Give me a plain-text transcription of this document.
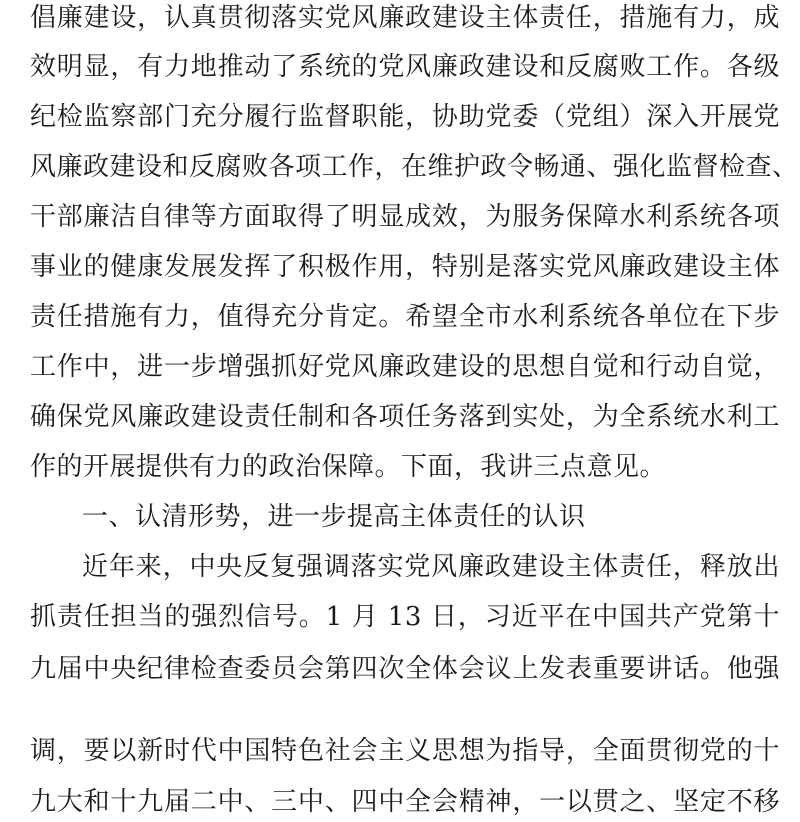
倡廉建设，认真贯彻落实党风廉政建设主体责任，措施有力，成
效明显，有力地推动了系统的党风廉政建设和反腐败工作。各级
纪检监察部门充分履行监督职能，协助党委（党组）深入开展党
风廉政建设和反腐败各项工作，在维护政令畅通、强化监督检查、
干部廉洁自律等方面取得了明显成效，为服务保障水利系统各项
事业的健康发展发挥了积极作用，特别是落实党风廉政建设主体
责任措施有力，值得充分肯定。希望全市水利系统各单位在下步
工作中，进一步增强抓好党风廉政建设的思想自觉和行动自觉，
确保党风廉政建设责任制和各项任务落到实处，为全系统水利工
作的开展提供有力的政治保障。下面，我讲三点意见。
一、认清形势，进一步提高主体责任的认识
近年来，中央反复强调落实党风廉政建设主体责任，释放出
抓责任担当的强烈信号。1 月 13 日，习近平在中国共产党第十
九届中央纪律检查委员会第四次全体会议上发表重要讲话。他强
调，要以新时代中国特色社会主义思想为指导，全面贯彻党的十
九大和十九届二中、三中、四中全会精神，一以贯之、坚定不移
